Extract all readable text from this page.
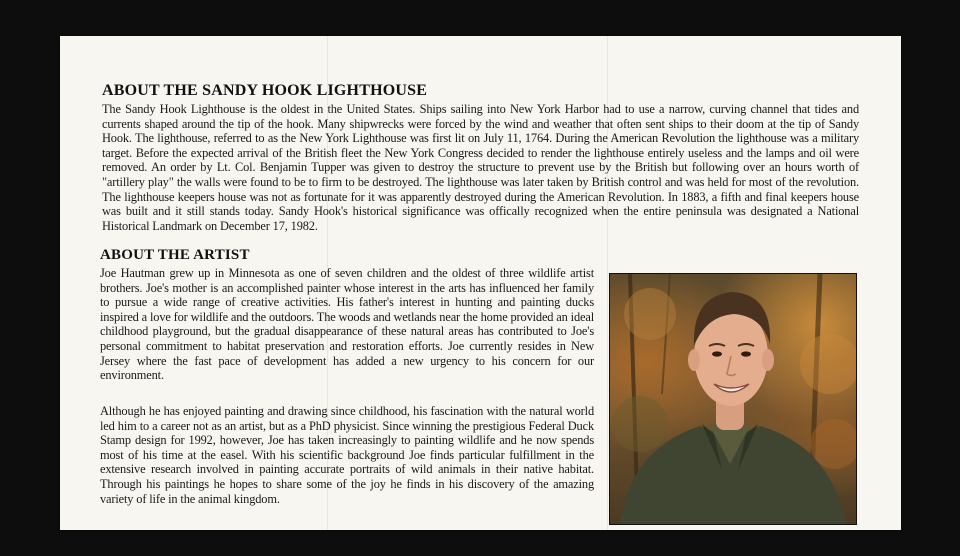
ABOUT THE SANDY HOOK LIGHTHOUSE

The Sandy Hook Lighthouse is the oldest in the United States. Ships sailing into New York Harbor had to use a narrow, curving channel that tides and currents shaped around the tip of the hook. Many shipwrecks were forced by the wind and weather that often sent ships to their doom at the tip of Sandy Hook. The lighthouse, referred to as the New York Lighthouse was first lit on July 11, 1764. During the American Revolution the lighthouse was a military target. Before the expected arrival of the British fleet the New York Congress decided to render the lighthouse entirely useless and the lamps and oil were removed. An order by Lt. Col. Benjamin Tupper was given to destroy the structure to prevent use by the British but following over an hours worth of "artillery play" the walls were found to be to firm to be destroyed. The lighthouse was later taken by British control and was held for most of the revolution. The lighthouse keepers house was not as fortunate for it was apparently destroyed during the American Revolution. In 1883, a fifth and final keepers house was built and it still stands today. Sandy Hook's historical significance was offically recognized when the entire peninsula was designated a National Historical Landmark on December 17, 1982.

ABOUT THE ARTIST

Joe Hautman grew up in Minnesota as one of seven children and the oldest of three wildlife artist brothers. Joe's mother is an accomplished painter whose interest in the arts has influenced her family to pursue a wide range of creative activities. His father's interest in hunting and painting ducks inspired a love for wildlife and the outdoors. The woods and wetlands near the home provided an ideal childhood playground, but the gradual disappearance of these natural areas has contributed to Joe's personal commitment to habitat preservation and restoration efforts. Joe currently resides in New Jersey where the fast pace of development has added a new urgency to his concern for our environment.

Although he has enjoyed painting and drawing since childhood, his fascination with the natural world led him to a career not as an artist, but as a PhD physicist. Since winning the prestigious Federal Duck Stamp design for 1992, however, Joe has taken increasingly to painting wildlife and he now spends most of his time at the easel. With his scientific background Joe finds particular fulfillment in the extensive research involved in painting accurate portraits of wild animals in their native habitat. Through his paintings he hopes to share some of the joy he finds in his discovery of the amazing variety of life in the animal kingdom.
